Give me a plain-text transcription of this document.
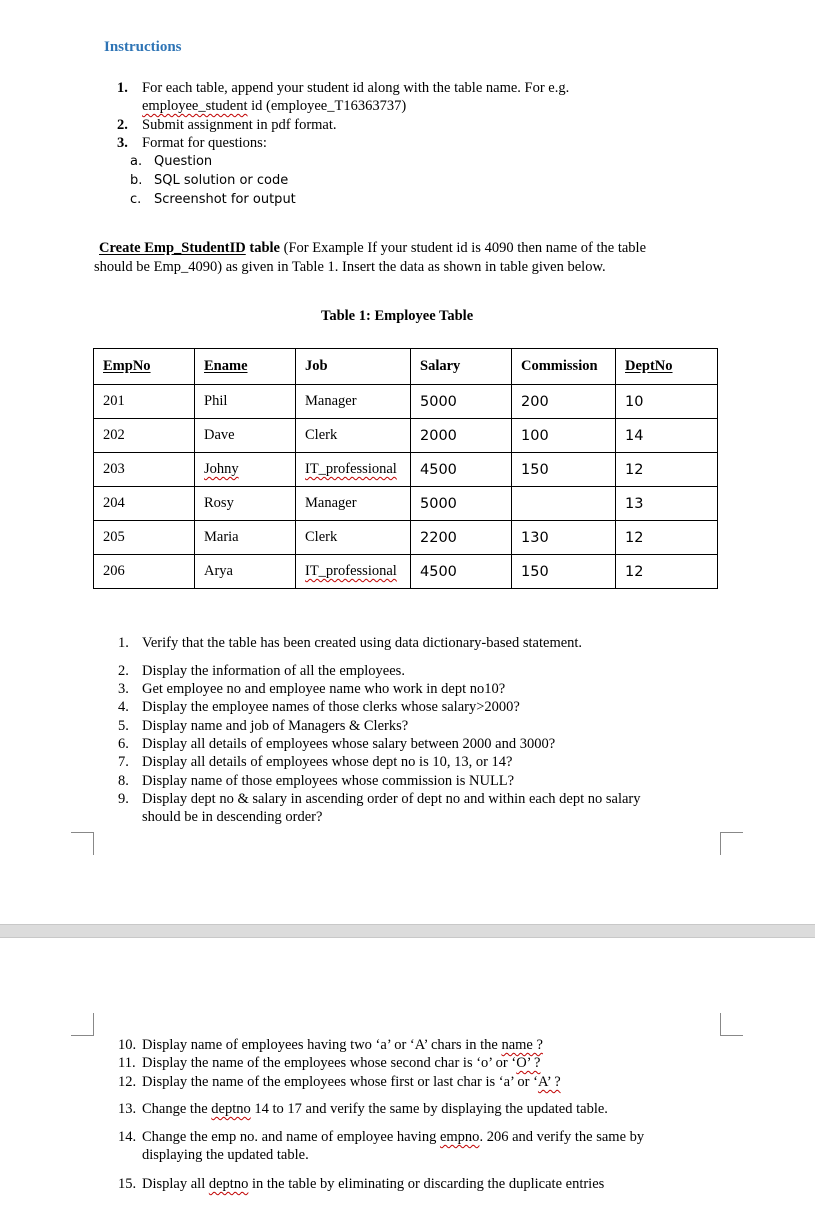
Instructions
1. For each table, append your student id along with the table name. For e.g.
employee_student id (employee_T16363737)
2. Submit assignment in pdf format.
3. Format for questions:
a. Question
b. SQL solution or code
c. Screenshot for output
Create Emp_StudentID table (For Example If your student id is 4090 then name of the table
should be Emp_4090) as given in Table 1. Insert the data as shown in table given below.
Table 1: Employee Table
EmpNo	Ename	Job	Salary	Commission	DeptNo
201	Phil	Manager	5000	200	10
202	Dave	Clerk	2000	100	14
203	Johny	IT_professional	4500	150	12
204	Rosy	Manager	5000		13
205	Maria	Clerk	2200	130	12
206	Arya	IT_professional	4500	150	12
1. Verify that the table has been created using data dictionary-based statement.
2. Display the information of all the employees.
3. Get employee no and employee name who work in dept no10?
4. Display the employee names of those clerks whose salary>2000?
5. Display name and job of Managers & Clerks?
6. Display all details of employees whose salary between 2000 and 3000?
7. Display all details of employees whose dept no is 10, 13, or 14?
8. Display name of those employees whose commission is NULL?
9. Display dept no & salary in ascending order of dept no and within each dept no salary
should be in descending order?
10. Display name of employees having two ‘a’ or ‘A’ chars in the name ?
11. Display the name of the employees whose second char is ‘o’ or ‘O’ ?
12. Display the name of the employees whose first or last char is ‘a’ or ‘A’ ?
13. Change the deptno 14 to 17 and verify the same by displaying the updated table.
14. Change the emp no. and name of employee having empno. 206 and verify the same by
displaying the updated table.
15. Display all deptno in the table by eliminating or discarding the duplicate entries
